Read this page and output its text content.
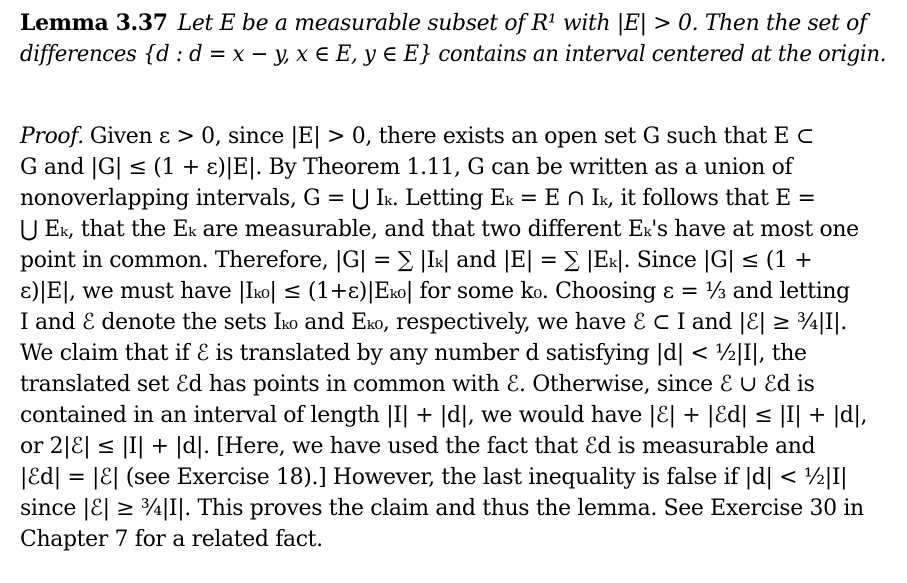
Lemma 3.37 Let E be a measurable subset of R¹ with |E| > 0. Then the set of
differences {d : d = x − y, x ∈ E, y ∈ E} contains an interval centered at the origin.
Proof. Given ε > 0, since |E| > 0, there exists an open set G such that E ⊂
G and |G| ≤ (1 + ε)|E|. By Theorem 1.11, G can be written as a union of
nonoverlapping intervals, G = ⋃ Iₖ. Letting Eₖ = E ∩ Iₖ, it follows that E =
⋃ Eₖ, that the Eₖ are measurable, and that two different Eₖ's have at most one
point in common. Therefore, |G| = ∑ |Iₖ| and |E| = ∑ |Eₖ|. Since |G| ≤ (1 +
ε)|E|, we must have |Iₖ₀| ≤ (1+ε)|Eₖ₀| for some k₀. Choosing ε = ⅓ and letting
I and ℰ denote the sets Iₖ₀ and Eₖ₀, respectively, we have ℰ ⊂ I and |ℰ| ≥ ¾|I|.
We claim that if ℰ is translated by any number d satisfying |d| < ½|I|, the
translated set ℰd has points in common with ℰ. Otherwise, since ℰ ∪ ℰd is
contained in an interval of length |I| + |d|, we would have |ℰ| + |ℰd| ≤ |I| + |d|,
or 2|ℰ| ≤ |I| + |d|. [Here, we have used the fact that ℰd is measurable and
|ℰd| = |ℰ| (see Exercise 18).] However, the last inequality is false if |d| < ½|I|
since |ℰ| ≥ ¾|I|. This proves the claim and thus the lemma. See Exercise 30 in
Chapter 7 for a related fact.
